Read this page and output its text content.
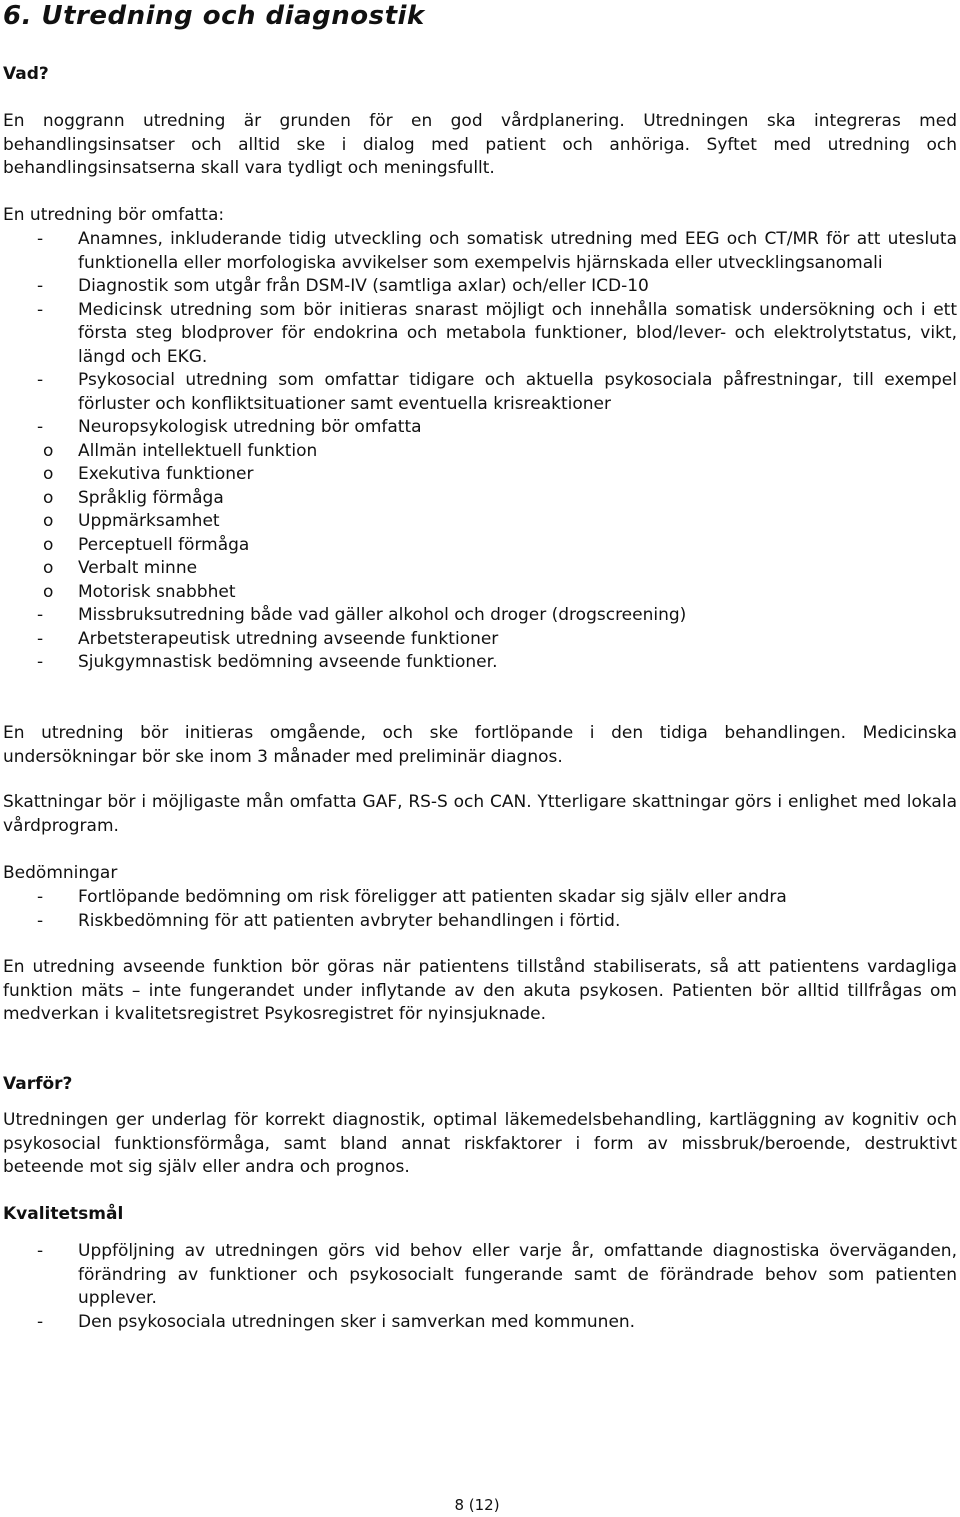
6. Utredning och diagnostik

Vad?

En noggrann utredning är grunden för en god vårdplanering. Utredningen ska integreras med behandlingsinsatser och alltid ske i dialog med patient och anhöriga. Syftet med utredning och behandlingsinsatserna skall vara tydligt och meningsfullt.

En utredning bör omfatta:

- Anamnes, inkluderande tidig utveckling och somatisk utredning med EEG och CT/MR för att utesluta funktionella eller morfologiska avvikelser som exempelvis hjärnskada eller utvecklingsanomali
- Diagnostik som utgår från DSM-IV (samtliga axlar) och/eller ICD-10
- Medicinsk utredning som bör initieras snarast möjligt och innehålla somatisk undersökning och i ett första steg blodprover för endokrina och metabola funktioner, blod/lever- och elektrolytstatus, vikt, längd och EKG.
- Psykosocial utredning som omfattar tidigare och aktuella psykosociala påfrestningar, till exempel förluster och konfliktsituationer samt eventuella krisreaktioner
- Neuropsykologisk utredning bör omfatta
o Allmän intellektuell funktion
o Exekutiva funktioner
o Språklig förmåga
o Uppmärksamhet
o Perceptuell förmåga
o Verbalt minne
o Motorisk snabbhet
- Missbruksutredning både vad gäller alkohol och droger (drogscreening)
- Arbetsterapeutisk utredning avseende funktioner
- Sjukgymnastisk bedömning avseende funktioner.

En utredning bör initieras omgående, och ske fortlöpande i den tidiga behandlingen. Medicinska undersökningar bör ske inom 3 månader med preliminär diagnos.

Skattningar bör i möjligaste mån omfatta GAF, RS-S och CAN. Ytterligare skattningar görs i enlighet med lokala vårdprogram.

Bedömningar

- Fortlöpande bedömning om risk föreligger att patienten skadar sig själv eller andra
- Riskbedömning för att patienten avbryter behandlingen i förtid.

En utredning avseende funktion bör göras när patientens tillstånd stabiliserats, så att patientens vardagliga funktion mäts – inte fungerandet under inflytande av den akuta psykosen. Patienten bör alltid tillfrågas om medverkan i kvalitetsregistret Psykosregistret för nyinsjuknade.

Varför?

Utredningen ger underlag för korrekt diagnostik, optimal läkemedelsbehandling, kartläggning av kognitiv och psykosocial funktionsförmåga, samt bland annat riskfaktorer i form av missbruk/beroende, destruktivt beteende mot sig själv eller andra och prognos.

Kvalitetsmål

- Uppföljning av utredningen görs vid behov eller varje år, omfattande diagnostiska överväganden, förändring av funktioner och psykosocialt fungerande samt de förändrade behov som patienten upplever.
- Den psykosociala utredningen sker i samverkan med kommunen.
8 (12)
